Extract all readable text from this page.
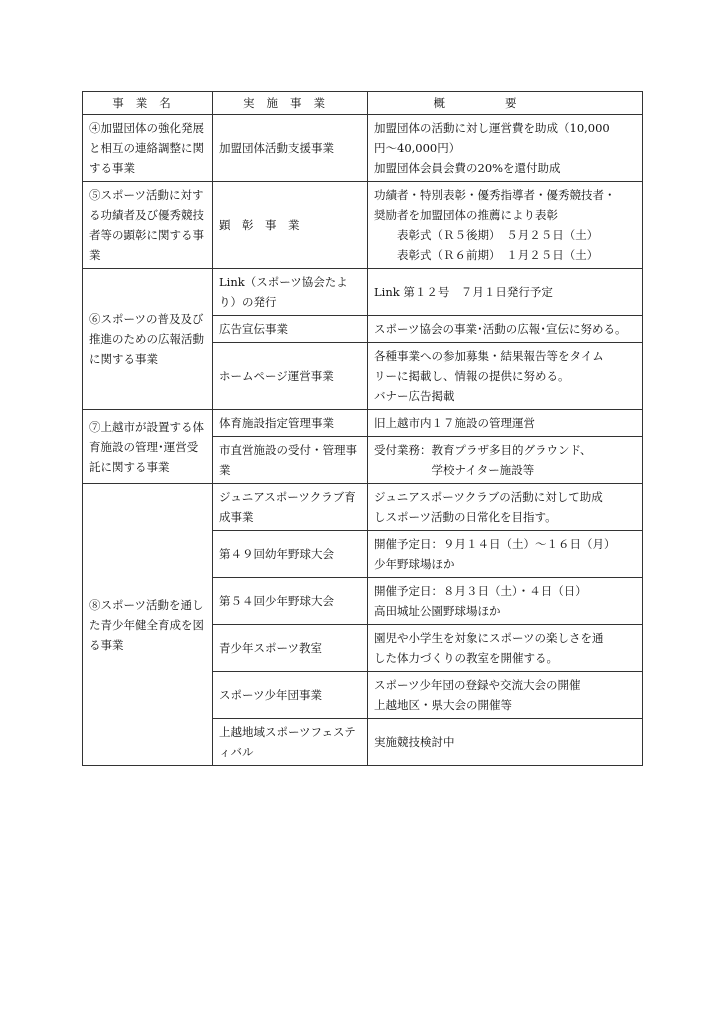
事業名	実施事業	概要

④加盟団体の強化発展と相互の連絡調整に関する事業	加盟団体活動支援事業	加盟団体の活動に対し運営費を助成（10,000
円～40,000円）
加盟団体会員会費の20%を還付助成

⑤スポーツ活動に対する功績者及び優秀競技者等の顕彰に関する事業	顕　彰　事　業	功績者・特別表彰・優秀指導者・優秀競技者・
奨励者を加盟団体の推薦により表彰
　　表彰式（Ｒ５後期）　５月２５日（土）
　　表彰式（Ｒ６前期）　１月２５日（土）

⑥スポーツの普及及び推進のための広報活動に関する事業	Link（スポーツ協会たより）の発行	Link 第１２号　７月１日発行予定

	広告宣伝事業	スポーツ協会の事業･活動の広報･宣伝に努める。

	ホームページ運営事業	各種事業への参加募集・結果報告等をタイム
リーに掲載し、情報の提供に努める。
バナー広告掲載

⑦上越市が設置する体育施設の管理･運営受託に関する事業	体育施設指定管理事業	旧上越市内１７施設の管理運営

	市直営施設の受付・管理事業	受付業務：教育プラザ多目的グラウンド、
　　　　　学校ナイター施設等

⑧スポーツ活動を通した青少年健全育成を図る事業	ジュニアスポーツクラブ育成事業	ジュニアスポーツクラブの活動に対して助成
しスポーツ活動の日常化を目指す。

	第４９回幼年野球大会	開催予定日：９月１４日（土）～１６日（月）
少年野球場ほか

	第５４回少年野球大会	開催予定日：８月３日（土）・４日（日）
高田城址公園野球場ほか

	青少年スポーツ教室	園児や小学生を対象にスポーツの楽しさを通
した体力づくりの教室を開催する。

	スポーツ少年団事業	スポーツ少年団の登録や交流大会の開催
上越地区・県大会の開催等

	上越地域スポーツフェスティバル	実施競技検討中
